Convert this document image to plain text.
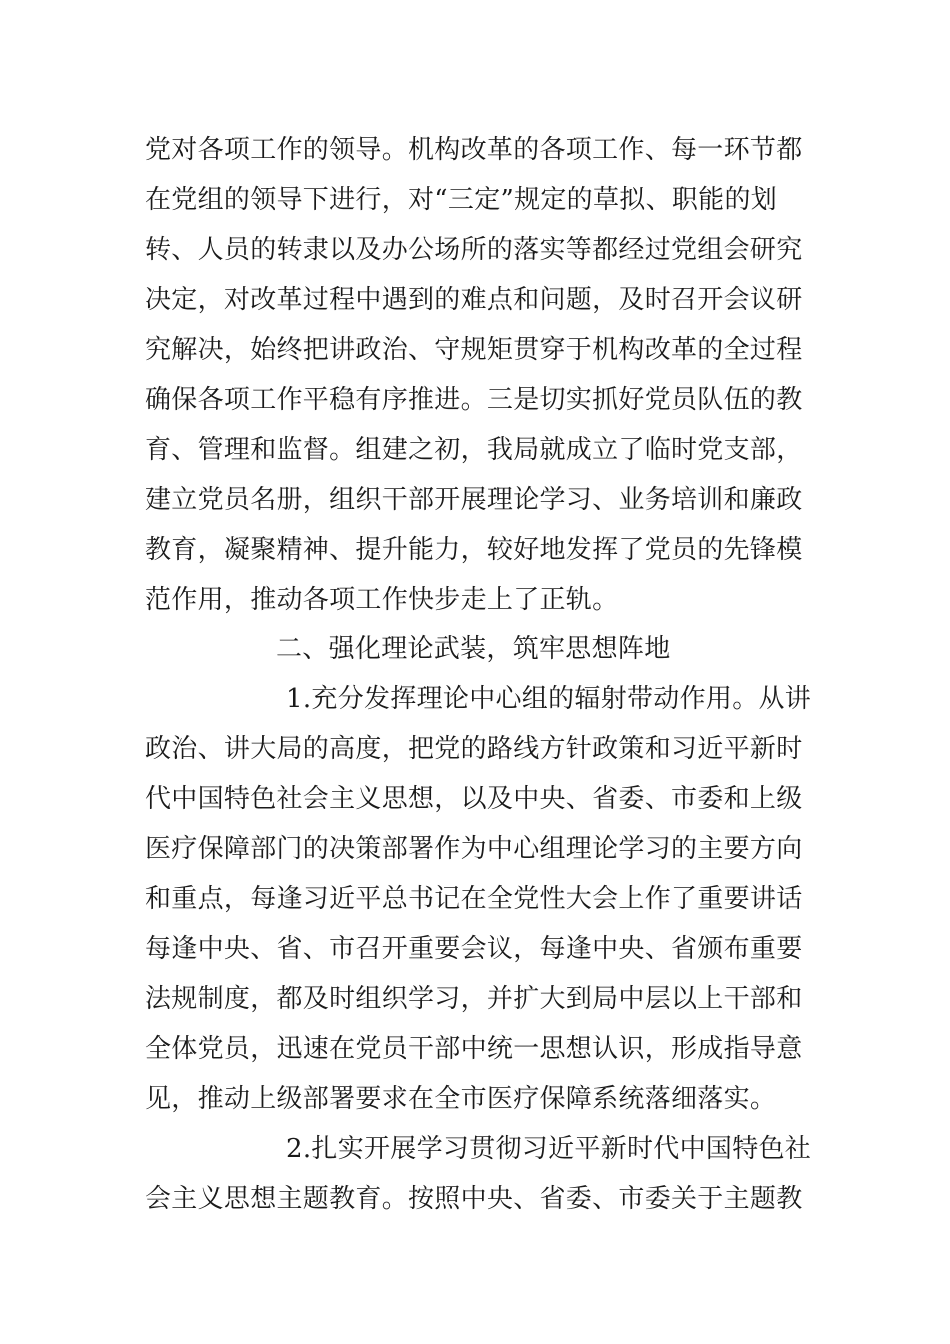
党对各项工作的领导。机构改革的各项工作、每一环节都
在党组的领导下进行，对“三定”规定的草拟、职能的划
转、人员的转隶以及办公场所的落实等都经过党组会研究
决定，对改革过程中遇到的难点和问题，及时召开会议研
究解决，始终把讲政治、守规矩贯穿于机构改革的全过程
确保各项工作平稳有序推进。三是切实抓好党员队伍的教
育、管理和监督。组建之初，我局就成立了临时党支部，
建立党员名册，组织干部开展理论学习、业务培训和廉政
教育，凝聚精神、提升能力，较好地发挥了党员的先锋模
范作用，推动各项工作快步走上了正轨。
二、强化理论武装，筑牢思想阵地
1.充分发挥理论中心组的辐射带动作用。从讲
政治、讲大局的高度，把党的路线方针政策和习近平新时
代中国特色社会主义思想，以及中央、省委、市委和上级
医疗保障部门的决策部署作为中心组理论学习的主要方向
和重点，每逢习近平总书记在全党性大会上作了重要讲话
每逢中央、省、市召开重要会议，每逢中央、省颁布重要
法规制度，都及时组织学习，并扩大到局中层以上干部和
全体党员，迅速在党员干部中统一思想认识，形成指导意
见，推动上级部署要求在全市医疗保障系统落细落实。
2.扎实开展学习贯彻习近平新时代中国特色社
会主义思想主题教育。按照中央、省委、市委关于主题教
